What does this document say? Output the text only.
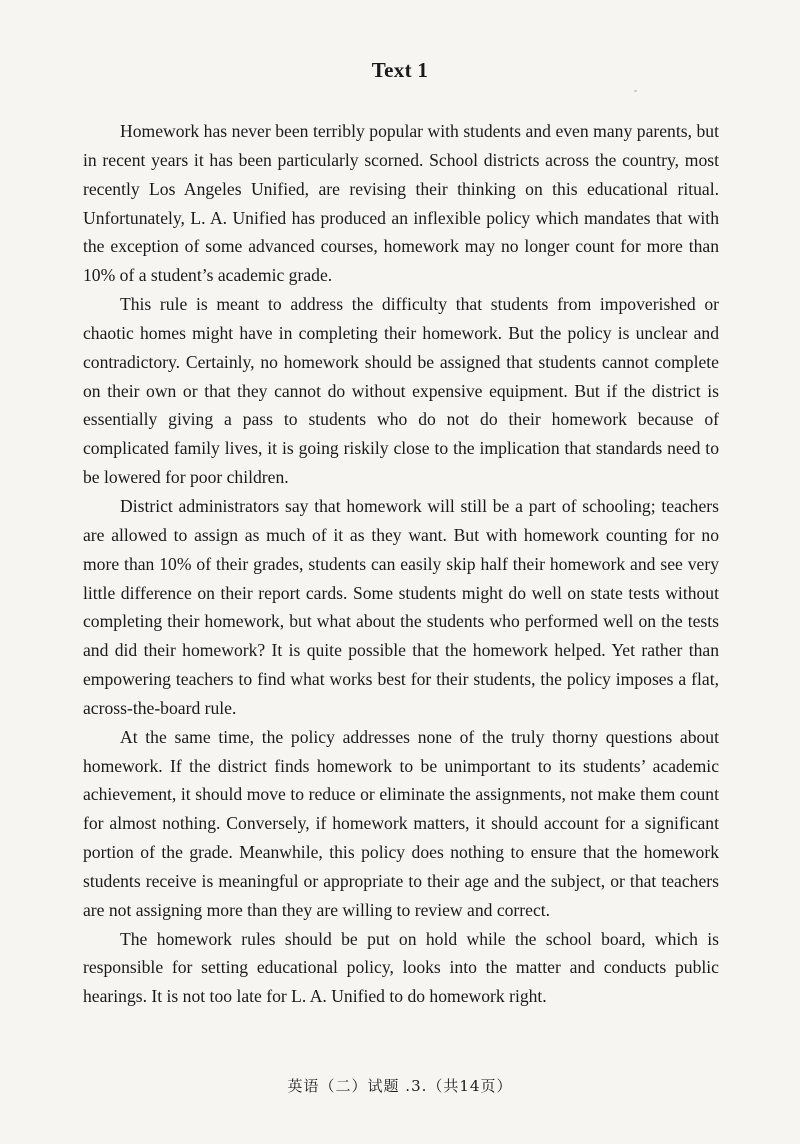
Text 1

Homework has never been terribly popular with students and even many parents, but in recent years it has been particularly scorned. School districts across the country, most recently Los Angeles Unified, are revising their thinking on this educational ritual. Unfortunately, L. A. Unified has produced an inflexible policy which mandates that with the exception of some advanced courses, homework may no longer count for more than 10% of a student’s academic grade.

This rule is meant to address the difficulty that students from impoverished or chaotic homes might have in completing their homework. But the policy is unclear and contradictory. Certainly, no homework should be assigned that students cannot complete on their own or that they cannot do without expensive equipment. But if the district is essentially giving a pass to students who do not do their homework because of complicated family lives, it is going riskily close to the implication that standards need to be lowered for poor children.

District administrators say that homework will still be a part of schooling; teachers are allowed to assign as much of it as they want. But with homework counting for no more than 10% of their grades, students can easily skip half their homework and see very little difference on their report cards. Some students might do well on state tests without completing their homework, but what about the students who performed well on the tests and did their homework? It is quite possible that the homework helped. Yet rather than empowering teachers to find what works best for their students, the policy imposes a flat, across-the-board rule.

At the same time, the policy addresses none of the truly thorny questions about homework. If the district finds homework to be unimportant to its students’ academic achievement, it should move to reduce or eliminate the assignments, not make them count for almost nothing. Conversely, if homework matters, it should account for a significant portion of the grade. Meanwhile, this policy does nothing to ensure that the homework students receive is meaningful or appropriate to their age and the subject, or that teachers are not assigning more than they are willing to review and correct.

The homework rules should be put on hold while the school board, which is responsible for setting educational policy, looks into the matter and conducts public hearings. It is not too late for L. A. Unified to do homework right.

英语（二）试题 .3.（共14页）
